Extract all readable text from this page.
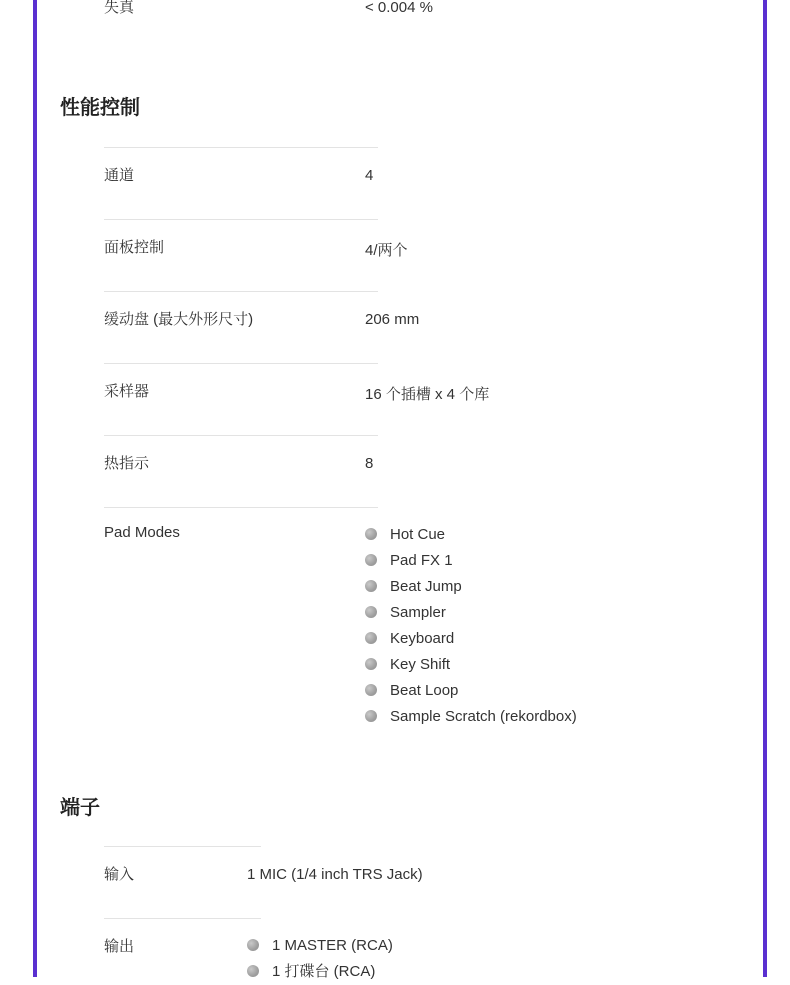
失真	< 0.004 %
性能控制
通道	4
面板控制	4/两个
缓动盘 (最大外形尺寸)	206 mm
采样器	16 个插槽 x 4 个库
热指示	8
Pad Modes	Hot Cue
Pad FX 1
Beat Jump
Sampler
Keyboard
Key Shift
Beat Loop
Sample Scratch (rekordbox)
端子
输入	1 MIC (1/4 inch TRS Jack)
输出	1 MASTER (RCA)
1 打碟台 (RCA)
